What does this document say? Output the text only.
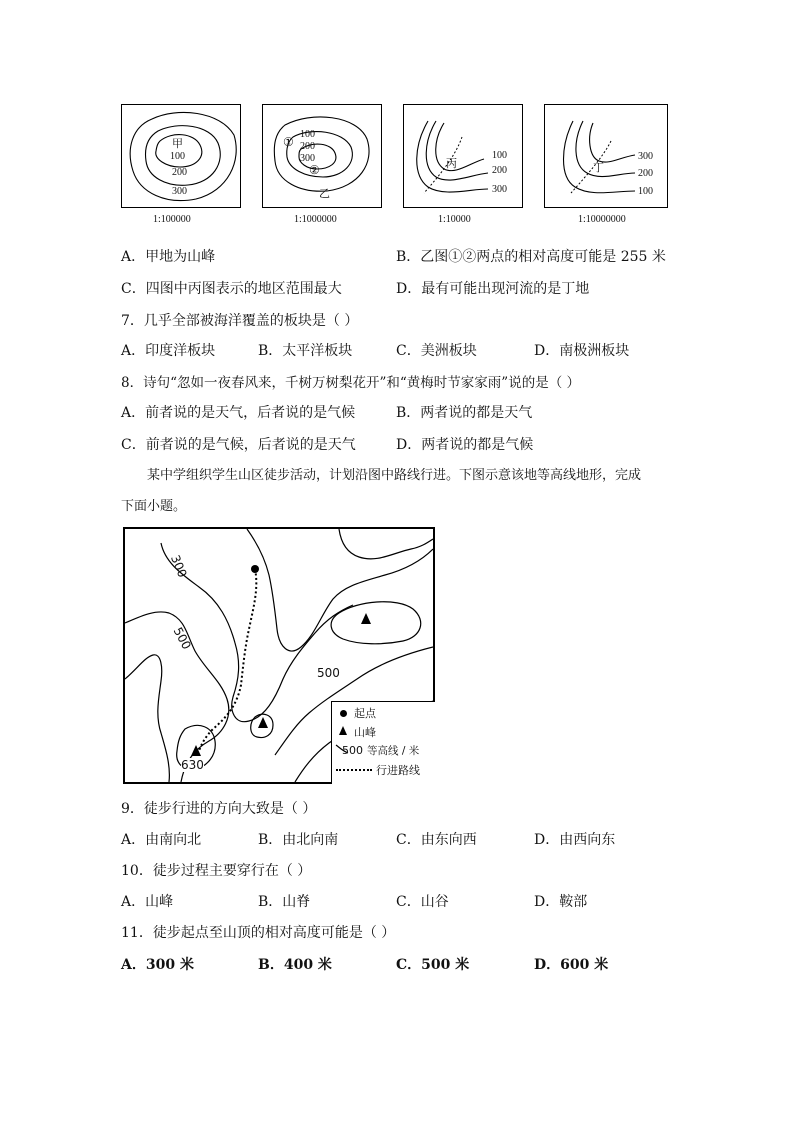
甲
100
200
300
1:100000
①
100
200
300
②
乙
1:1000000
丙
100
200
300
1:10000
丁
300
200
100
1:10000000
A．甲地为山峰	B．乙图①②两点的相对高度可能是 255 米
C．四图中丙图表示的地区范围最大	D．最有可能出现河流的是丁地
7．几乎全部被海洋覆盖的板块是（ ）
A．印度洋板块	B．太平洋板块	C．美洲板块	D．南极洲板块
8．诗句“忽如一夜春风来，千树万树梨花开”和“黄梅时节家家雨”说的是（ ）
A．前者说的是天气，后者说的是气候	B．两者说的都是天气
C．前者说的是气候，后者说的是天气	D．两者说的都是气候
某中学组织学生山区徒步活动，计划沿图中路线行进。下图示意该地等高线地形，完成
下面小题。
300
500
500
630
起点
山峰
500 等高线 / 米
行进路线
9．徒步行进的方向大致是（ ）
A．由南向北	B．由北向南	C．由东向西	D．由西向东
10．徒步过程主要穿行在（ ）
A．山峰	B．山脊	C．山谷	D．鞍部
11．徒步起点至山顶的相对高度可能是（ ）
A．300 米	B．400 米	C．500 米	D．600 米
